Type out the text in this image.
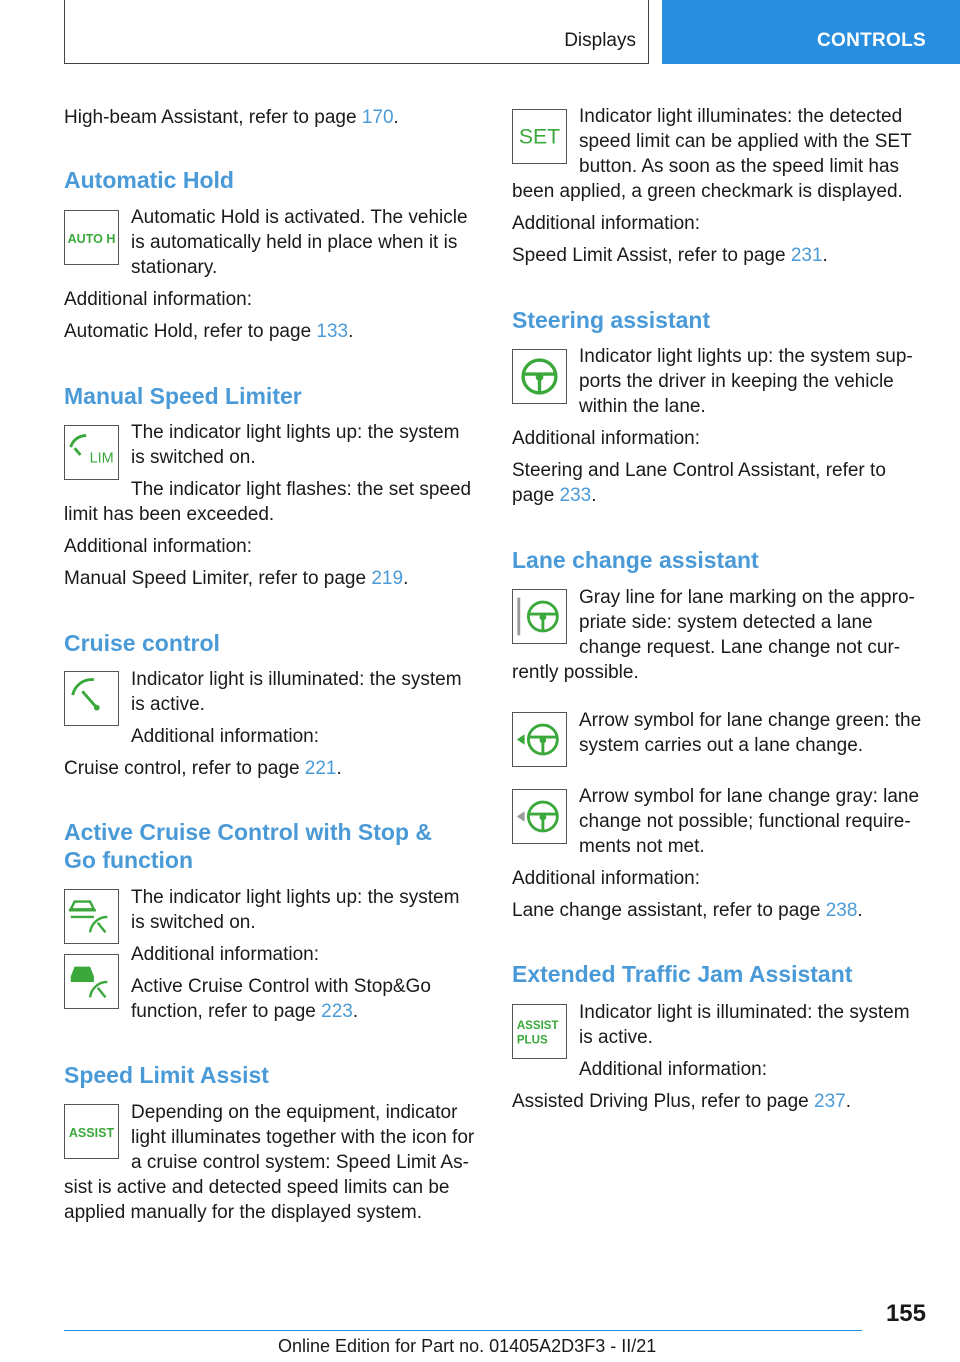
Displays	CONTROLS

High-beam Assistant, refer to page 170.

Automatic Hold
AUTO H

Automatic Hold is activated. The vehicle

is automatically held in place when it is

stationary.

Additional information:

Automatic Hold, refer to page 133.

Manual Speed Limiter
LIM

The indicator light lights up: the system

is switched on.

The indicator light flashes: the set speed

limit has been exceeded.

Additional information:

Manual Speed Limiter, refer to page 219.

Cruise control

Indicator light is illuminated: the system

is active.

Additional information:

Cruise control, refer to page 221.

Active Cruise Control with Stop &
Go function

The indicator light lights up: the system

is switched on.

Additional information:

Active Cruise Control with Stop&Go

function, refer to page 223.

Speed Limit Assist
ASSIST

Depending on the equipment, indicator

light illuminates together with the icon for

a cruise control system: Speed Limit As-

sist is active and detected speed limits can be

applied manually for the displayed system.

SET

Indicator light illuminates: the detected

speed limit can be applied with the SET

button. As soon as the speed limit has

been applied, a green checkmark is displayed.

Additional information:

Speed Limit Assist, refer to page 231.

Steering assistant

Indicator light lights up: the system sup-

ports the driver in keeping the vehicle

within the lane.

Additional information:

Steering and Lane Control Assistant, refer to

page 233.

Lane change assistant

Gray line for lane marking on the appro-

priate side: system detected a lane

change request. Lane change not cur-

rently possible.

Arrow symbol for lane change green: the

system carries out a lane change.

Arrow symbol for lane change gray: lane

change not possible; functional require-

ments not met.

Additional information:

Lane change assistant, refer to page 238.

Extended Traffic Jam Assistant
ASSIST
PLUS

Indicator light is illuminated: the system

is active.

Additional information:

Assisted Driving Plus, refer to page 237.

155
Online Edition for Part no. 01405A2D3F3 - II/21
